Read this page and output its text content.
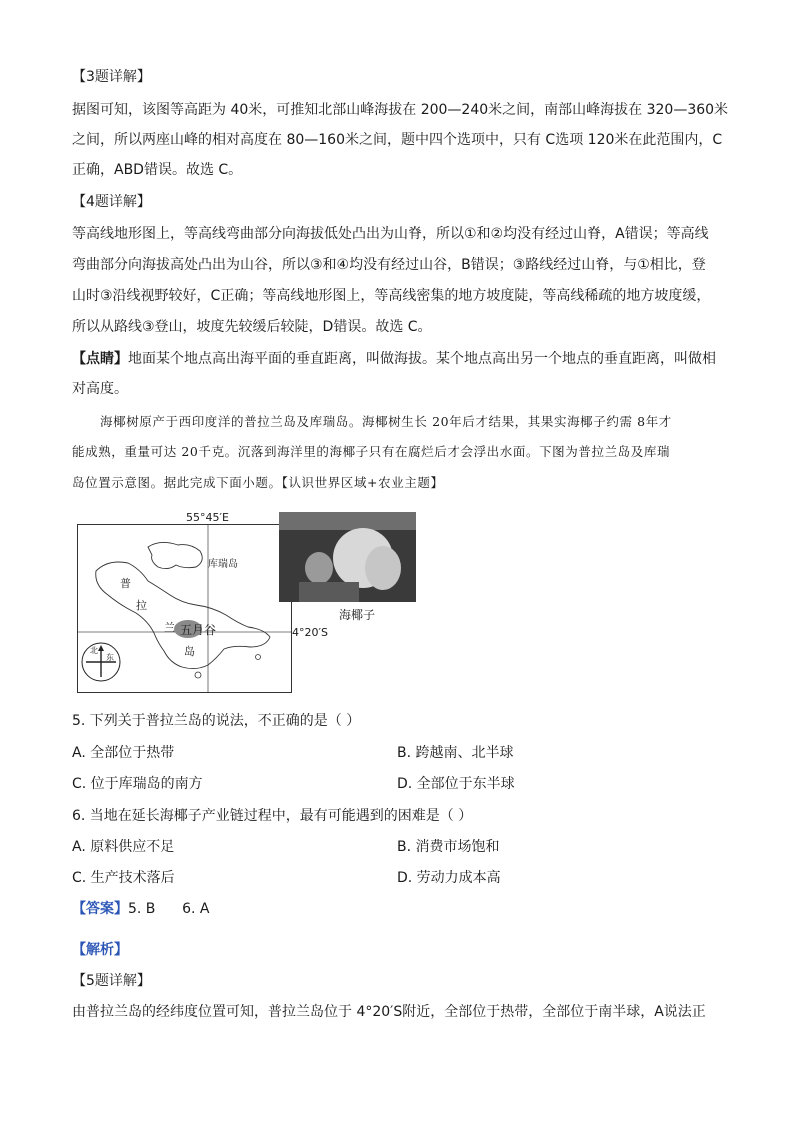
【3题详解】
据图可知，该图等高距为 40米，可推知北部山峰海拔在 200—240米之间，南部山峰海拔在 320—360米
之间，所以两座山峰的相对高度在 80—160米之间，题中四个选项中，只有 C选项 120米在此范围内，C
正确，ABD错误。故选 C。
【4题详解】
等高线地形图上，等高线弯曲部分向海拔低处凸出为山脊，所以①和②均没有经过山脊，A错误；等高线
弯曲部分向海拔高处凸出为山谷，所以③和④均没有经过山谷，B错误；③路线经过山脊，与①相比，登
山时③沿线视野较好，C正确；等高线地形图上，等高线密集的地方坡度陡，等高线稀疏的地方坡度缓，
所以从路线③登山，坡度先较缓后较陡，D错误。故选 C。
【点睛】地面某个地点高出海平面的垂直距离，叫做海拔。某个地点高出另一个地点的垂直距离，叫做相
对高度。
海椰树原产于西印度洋的普拉兰岛及库瑞岛。海椰树生长 20年后才结果，其果实海椰子约需 8年才
能成熟，重量可达 20千克。沉落到海洋里的海椰子只有在腐烂后才会浮出水面。下图为普拉兰岛及库瑞
岛位置示意图。据此完成下面小题。【认识世界区域+农业主题】
55°45′E
库瑞岛
普
拉
兰
岛
五月谷	4°20′S
北
东
海椰子
5. 下列关于普拉兰岛的说法，不正确的是（ ）
A. 全部位于热带	B. 跨越南、北半球
C. 位于库瑞岛的南方	D. 全部位于东半球
6. 当地在延长海椰子产业链过程中，最有可能遇到的困难是（ ）
A. 原料供应不足	B. 消费市场饱和
C. 生产技术落后	D. 劳动力成本高
【答案】5. B      6. A
【解析】
【5题详解】
由普拉兰岛的经纬度位置可知，普拉兰岛位于 4°20′S附近，全部位于热带，全部位于南半球，A说法正
